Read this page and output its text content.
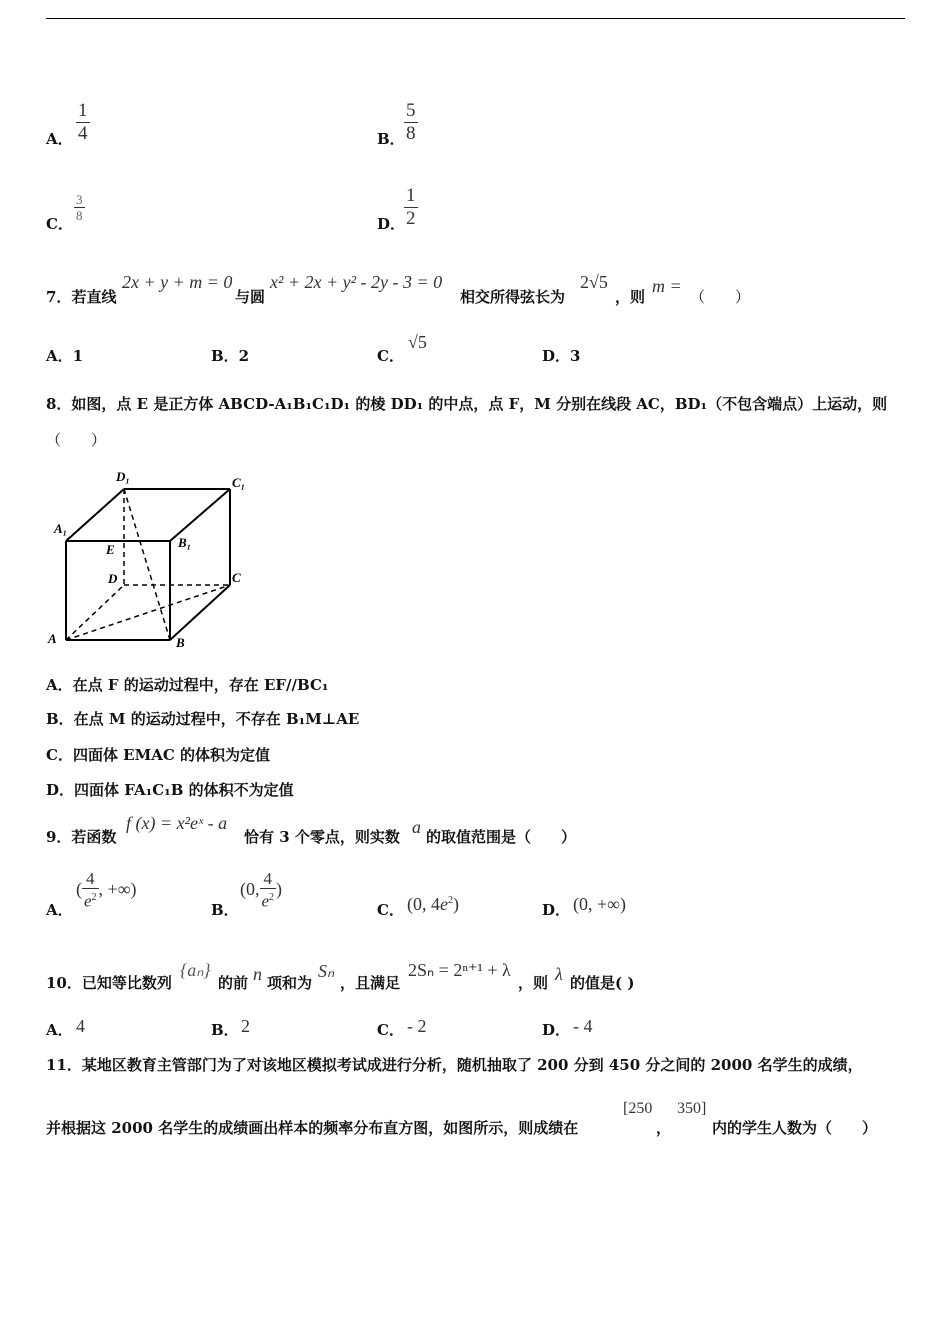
A． $\frac{1}{4}$	B． $\frac{5}{8}$
C．
$\frac{3}{8}$
D．
$\frac{1}{2}$
7．若直线
2x + y + m = 0
与圆
x² + 2x + y² - 2y - 3 = 0
相交所得弦长为
2√5
，则
m =
（　　）
A．1	B．2	C．
√5
D．3
8．如图，点 E 是正方体 ABCD-A₁B₁C₁D₁ 的棱 DD₁ 的中点，点 F，M 分别在线段 AC，BD₁（不包含端点）上运动，则
（　　）
D₁	C₁
A₁
B₁
E
D	C
A	B
A．在点 F 的运动过程中，存在 EF//BC₁
B．在点 M 的运动过程中，不存在 B₁M⊥AE
C．四面体 EMAC 的体积为定值
D．四面体 FA₁C₁B 的体积不为定值
9．若函数
f (x) = x²eˣ - a
恰有 3 个零点，则实数 a 的取值范围是（　　）
A．
( $\frac{4}{e^2}$ , +∞)
B．
(0, $\frac{4}{e^2}$ )
C． (0, $4e^2$)	D． (0, +∞)
10．已知等比数列
{aₙ}
的前 n 项和为
Sₙ
，且满足
2Sₙ = 2ⁿ⁺¹ + λ
，则 λ 的值是( )
A． 4	B． 2	C． - 2	D． - 4
11．某地区教育主管部门为了对该地区模拟考试成进行分析，随机抽取了 200 分到 450 分之间的 2000 名学生的成绩，
并根据这 2000 名学生的成绩画出样本的频率分布直方图，如图所示，则成绩在
[250
，
350]
内的学生人数为（　　）
